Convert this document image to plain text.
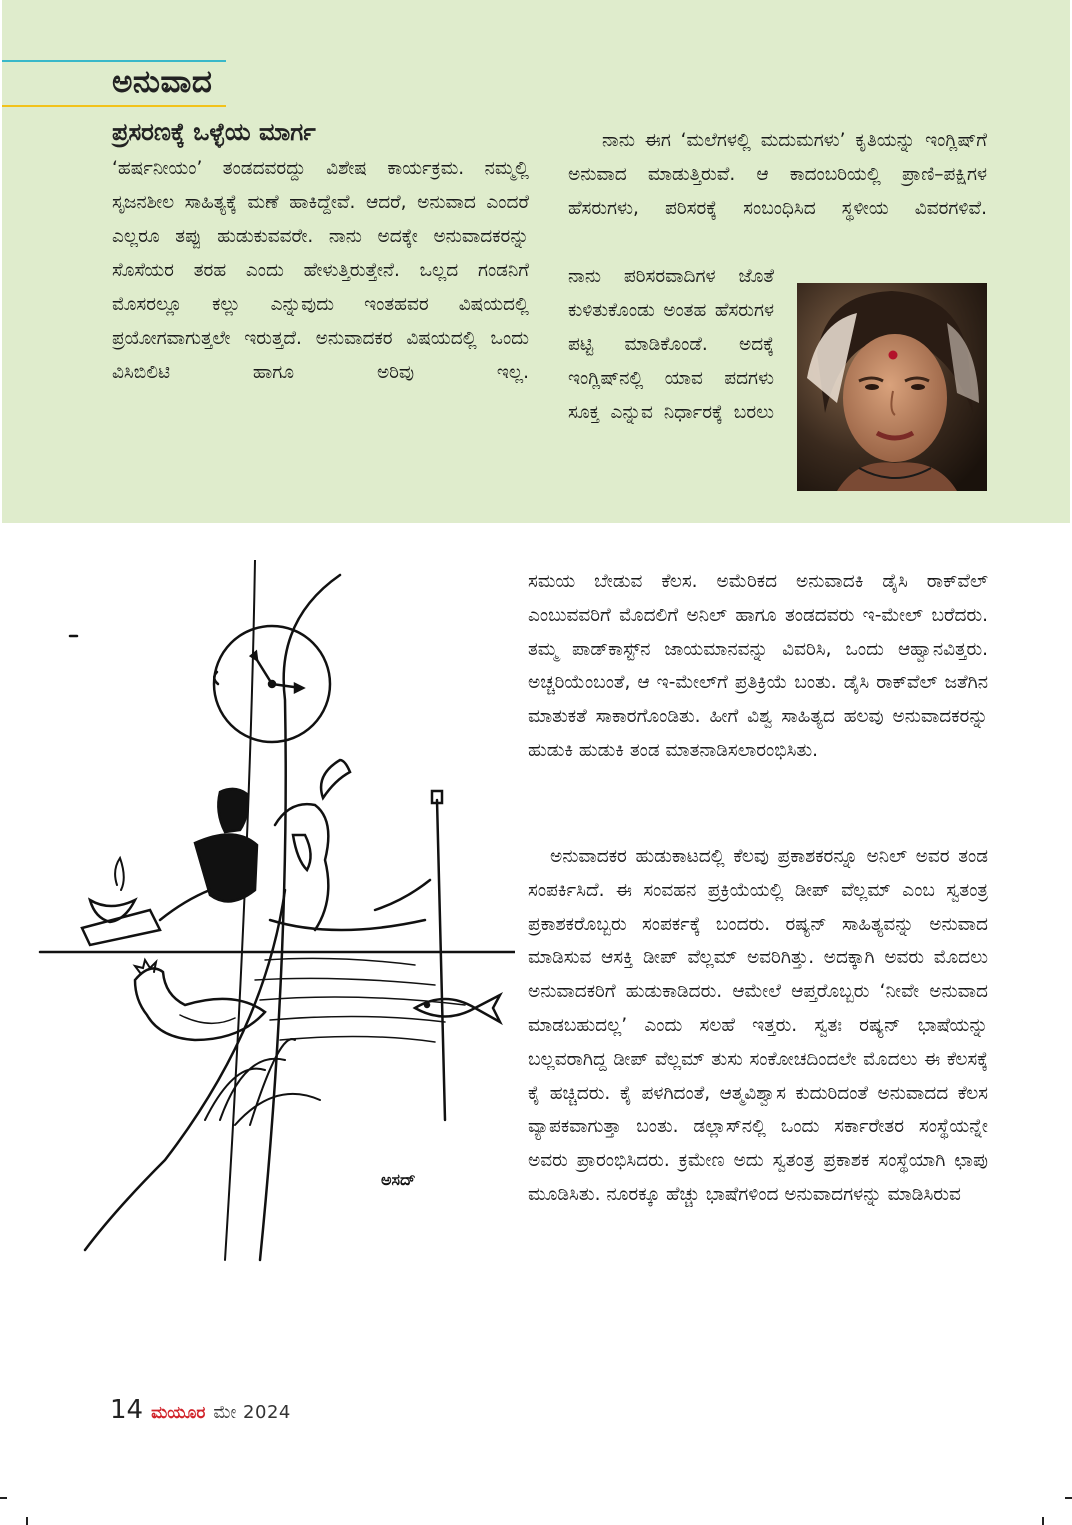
ಅನುವಾದ
ಪ್ರಸರಣಕ್ಕೆ ಒಳ್ಳೆಯ ಮಾರ್ಗ
‘ಹರ್ಷನೀಯಂ’ ತಂಡದವರದ್ದು ವಿಶೇಷ ಕಾರ್ಯಕ್ರಮ. ನಮ್ಮಲ್ಲಿ ಸೃಜನಶೀಲ ಸಾಹಿತ್ಯಕ್ಕೆ ಮಣೆ ಹಾಕಿದ್ದೇವೆ. ಆದರೆ, ಅನುವಾದ ಎಂದರೆ ಎಲ್ಲರೂ ತಪ್ಪು ಹುಡುಕುವವರೇ. ನಾನು ಅದಕ್ಕೇ ಅನುವಾದಕರನ್ನು ಸೊಸೆಯರ ತರಹ ಎಂದು ಹೇಳುತ್ತಿರುತ್ತೇನೆ. ಒಲ್ಲದ ಗಂಡನಿಗೆ ಮೊಸರಲ್ಲೂ ಕಲ್ಲು ಎನ್ನುವುದು ಇಂತಹವರ ವಿಷಯದಲ್ಲಿ ಪ್ರಯೋಗವಾಗುತ್ತಲೇ ಇರುತ್ತದೆ. ಅನುವಾದಕರ ವಿಷಯದಲ್ಲಿ ಒಂದು ವಿಸಿಬಿಲಿಟಿ ಹಾಗೂ ಅರಿವು ಇಲ್ಲ.
ನಾನು ಈಗ ‘ಮಲೆಗಳಲ್ಲಿ ಮದುಮಗಳು’ ಕೃತಿಯನ್ನು ಇಂಗ್ಲಿಷ್‌ಗೆ ಅನುವಾದ ಮಾಡುತ್ತಿರುವೆ. ಆ ಕಾದಂಬರಿಯಲ್ಲಿ ಪ್ರಾಣಿ–ಪಕ್ಷಿಗಳ ಹೆಸರುಗಳು, ಪರಿಸರಕ್ಕೆ ಸಂಬಂಧಿಸಿದ ಸ್ಥಳೀಯ ವಿವರಗಳಿವೆ.
ನಾನು ಪರಿಸರವಾದಿಗಳ ಜೊತೆ ಕುಳಿತುಕೊಂಡು ಅಂತಹ ಹೆಸರುಗಳ ಪಟ್ಟಿ ಮಾಡಿಕೊಂಡೆ. ಅದಕ್ಕೆ ಇಂಗ್ಲಿಷ್‌ನಲ್ಲಿ ಯಾವ ಪದಗಳು ಸೂಕ್ತ ಎನ್ನುವ ನಿರ್ಧಾರಕ್ಕೆ ಬರಲು
ಅಸದ್
ಸಮಯ ಬೇಡುವ ಕೆಲಸ. ಅಮೆರಿಕದ ಅನುವಾದಕಿ ಡೈಸಿ ರಾಕ್‌ವೆಲ್ ಎಂಬುವವರಿಗೆ ಮೊದಲಿಗೆ ಅನಿಲ್ ಹಾಗೂ ತಂಡದವರು ಇ-ಮೇಲ್ ಬರೆದರು. ತಮ್ಮ ಪಾಡ್‌ಕಾಸ್ಟ್‌ನ ಜಾಯಮಾನವನ್ನು ವಿವರಿಸಿ, ಒಂದು ಆಹ್ವಾನವಿತ್ತರು. ಅಚ್ಚರಿಯೆಂಬಂತೆ, ಆ ಇ-ಮೇಲ್‌ಗೆ ಪ್ರತಿಕ್ರಿಯೆ ಬಂತು. ಡೈಸಿ ರಾಕ್‌ವೆಲ್ ಜತೆಗಿನ ಮಾತುಕತೆ ಸಾಕಾರಗೊಂಡಿತು. ಹೀಗೆ ವಿಶ್ವ ಸಾಹಿತ್ಯದ ಹಲವು ಅನುವಾದಕರನ್ನು ಹುಡುಕಿ ಹುಡುಕಿ ತಂಡ ಮಾತನಾಡಿಸಲಾರಂಭಿಸಿತು.
ಅನುವಾದಕರ ಹುಡುಕಾಟದಲ್ಲಿ ಕೆಲವು ಪ್ರಕಾಶಕರನ್ನೂ ಅನಿಲ್ ಅವರ ತಂಡ ಸಂಪರ್ಕಿಸಿದೆ. ಈ ಸಂವಹನ ಪ್ರಕ್ರಿಯೆಯಲ್ಲಿ ಡೀಪ್ ವೆಲ್ಲಮ್ ಎಂಬ ಸ್ವತಂತ್ರ ಪ್ರಕಾಶಕರೊಬ್ಬರು ಸಂಪರ್ಕಕ್ಕೆ ಬಂದರು. ರಷ್ಯನ್ ಸಾಹಿತ್ಯವನ್ನು ಅನುವಾದ ಮಾಡಿಸುವ ಆಸಕ್ತಿ ಡೀಪ್ ವೆಲ್ಲಮ್ ಅವರಿಗಿತ್ತು. ಅದಕ್ಕಾಗಿ ಅವರು ಮೊದಲು ಅನುವಾದಕರಿಗೆ ಹುಡುಕಾಡಿದರು. ಆಮೇಲೆ ಆಪ್ತರೊಬ್ಬರು ‘ನೀವೇ ಅನುವಾದ ಮಾಡಬಹುದಲ್ಲ’ ಎಂದು ಸಲಹೆ ಇತ್ತರು. ಸ್ವತಃ ರಷ್ಯನ್ ಭಾಷೆಯನ್ನು ಬಲ್ಲವರಾಗಿದ್ದ ಡೀಪ್ ವೆಲ್ಲಮ್ ತುಸು ಸಂಕೋಚದಿಂದಲೇ ಮೊದಲು ಈ ಕೆಲಸಕ್ಕೆ ಕೈ ಹಚ್ಚಿದರು. ಕೈ ಪಳಗಿದಂತೆ, ಆತ್ಮವಿಶ್ವಾಸ ಕುದುರಿದಂತೆ ಅನುವಾದದ ಕೆಲಸ ವ್ಯಾಪಕವಾಗುತ್ತಾ ಬಂತು. ಡಲ್ಲಾಸ್‌ನಲ್ಲಿ ಒಂದು ಸರ್ಕಾರೇತರ ಸಂಸ್ಥೆಯನ್ನೇ ಅವರು ಪ್ರಾರಂಭಿಸಿದರು. ಕ್ರಮೇಣ ಅದು ಸ್ವತಂತ್ರ ಪ್ರಕಾಶಕ ಸಂಸ್ಥೆಯಾಗಿ ಛಾಪು ಮೂಡಿಸಿತು. ನೂರಕ್ಕೂ ಹೆಚ್ಚು ಭಾಷೆಗಳಿಂದ ಅನುವಾದಗಳನ್ನು ಮಾಡಿಸಿರುವ
14 ಮಯೂರ ಮೇ 2024
